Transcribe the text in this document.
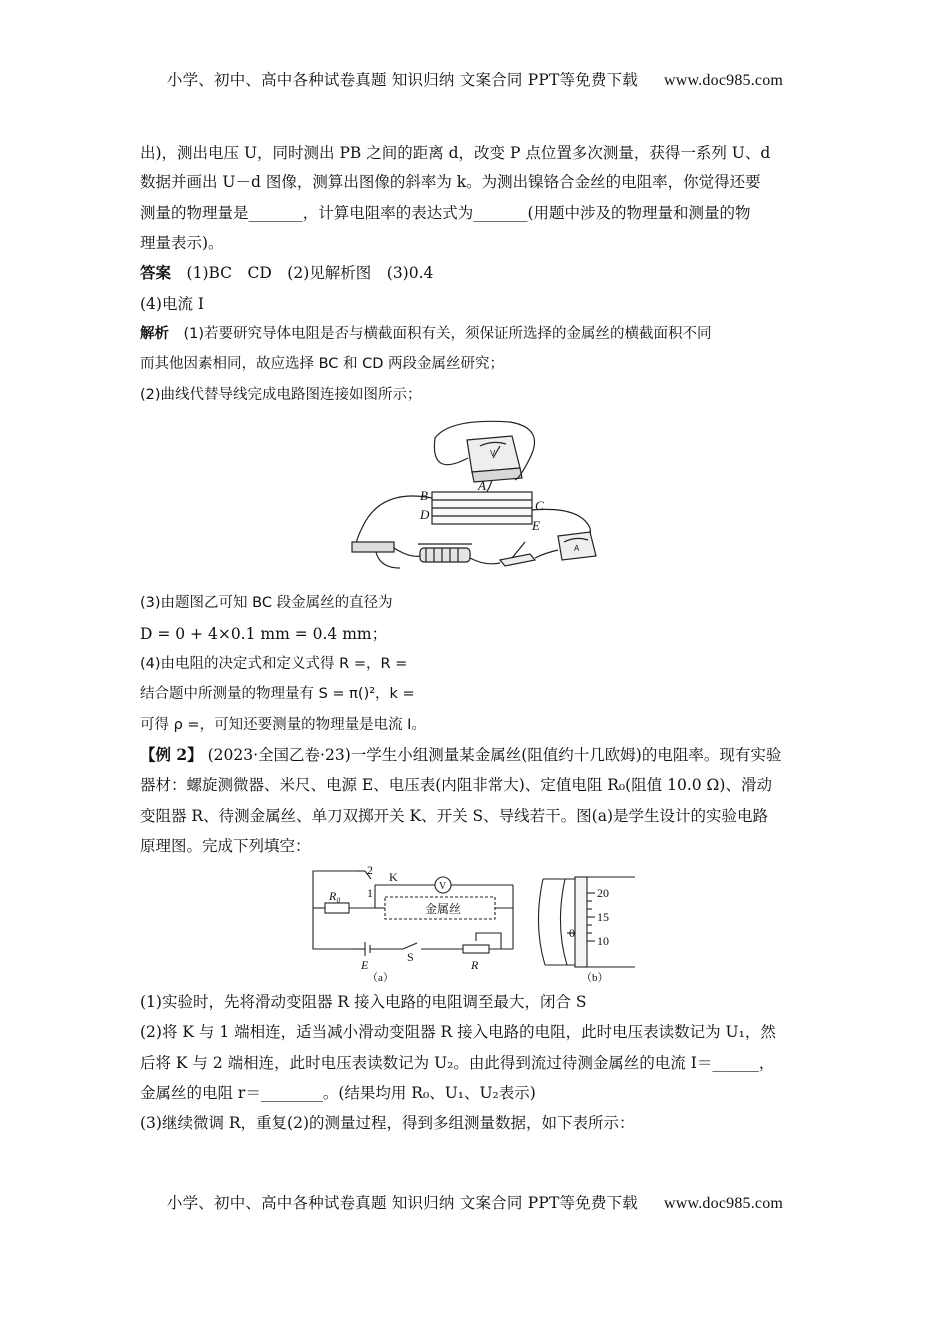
小学、初中、高中各种试卷真题 知识归纳 文案合同 PPT等免费下载 www.doc985.com
出)，测出电压 U，同时测出 PB 之间的距离 d，改变 P 点位置多次测量，获得一系列 U、d
数据并画出 U－d 图像，测算出图像的斜率为 k。为测出镍铬合金丝的电阻率，你觉得还要
测量的物理量是_______，计算电阻率的表达式为_______(用题中涉及的物理量和测量的物
理量表示)。
答案　 (1)BC　CD　(2)见解析图　(3)0.4
(4)电流 I
解析　 (1)若要研究导体电阻是否与横截面积有关，须保证所选择的金属丝的横截面积不同
而其他因素相同，故应选择 BC 和 CD 两段金属丝研究；
(2)曲线代替导线完成电路图连接如图所示；
B
D
A
C
E
V
A
(3)由题图乙可知 BC 段金属丝的直径为
D = 0 + 4×0.1 mm = 0.4 mm；
(4)由电阻的决定式和定义式得 R =，R =
结合题中所测量的物理量有 S = π()²，k =
可得 ρ =，可知还要测量的物理量是电流 I。
【例 2】 (2023·全国乙卷·23)一学生小组测量某金属丝(阻值约十几欧姆)的电阻率。现有实验
器材：螺旋测微器、米尺、电源 E、电压表(内阻非常大)、定值电阻 R₀(阻值 10.0 Ω)、滑动
变阻器 R、待测金属丝、单刀双掷开关 K、开关 S、导线若干。图(a)是学生设计的实验电路
原理图。完成下列填空：
2
1
K
V
R₀
金属丝
E
S
R
（a）	（b）
20
15
10
0
(1)实验时，先将滑动变阻器 R 接入电路的电阻调至最大，闭合 S
(2)将 K 与 1 端相连，适当减小滑动变阻器 R 接入电路的电阻，此时电压表读数记为 U₁，然
后将 K 与 2 端相连，此时电压表读数记为 U₂。由此得到流过待测金属丝的电流 I＝______，
金属丝的电阻 r＝________。(结果均用 R₀、U₁、U₂表示)
(3)继续微调 R，重复(2)的测量过程，得到多组测量数据，如下表所示：
小学、初中、高中各种试卷真题 知识归纳 文案合同 PPT等免费下载 www.doc985.com
